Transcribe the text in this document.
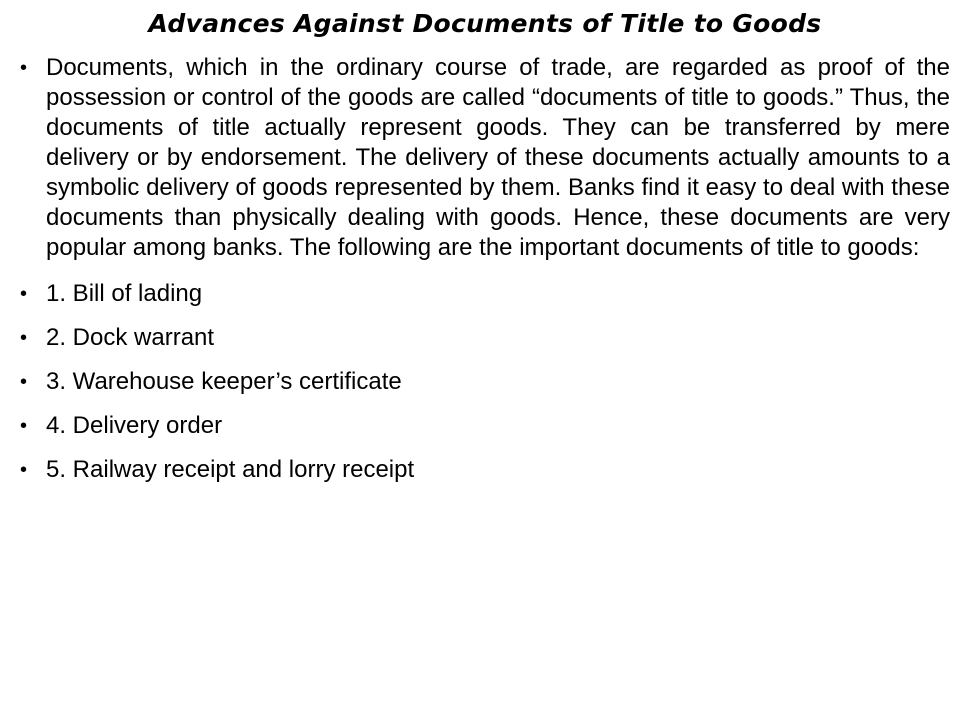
Advances Against Documents of Title to Goods
• Documents, which in the ordinary course of trade, are regarded as proof of the possession or control of the goods are called “documents of title to goods.” Thus, the documents of title actually represent goods. They can be transferred by mere delivery or by endorsement. The delivery of these documents actually amounts to a symbolic delivery of goods represented by them. Banks find it easy to deal with these documents than physically dealing with goods. Hence, these documents are very popular among banks. The following are the important documents of title to goods:
• 1. Bill of lading
• 2. Dock warrant
• 3. Warehouse keeper’s certificate
• 4. Delivery order
• 5. Railway receipt and lorry receipt
